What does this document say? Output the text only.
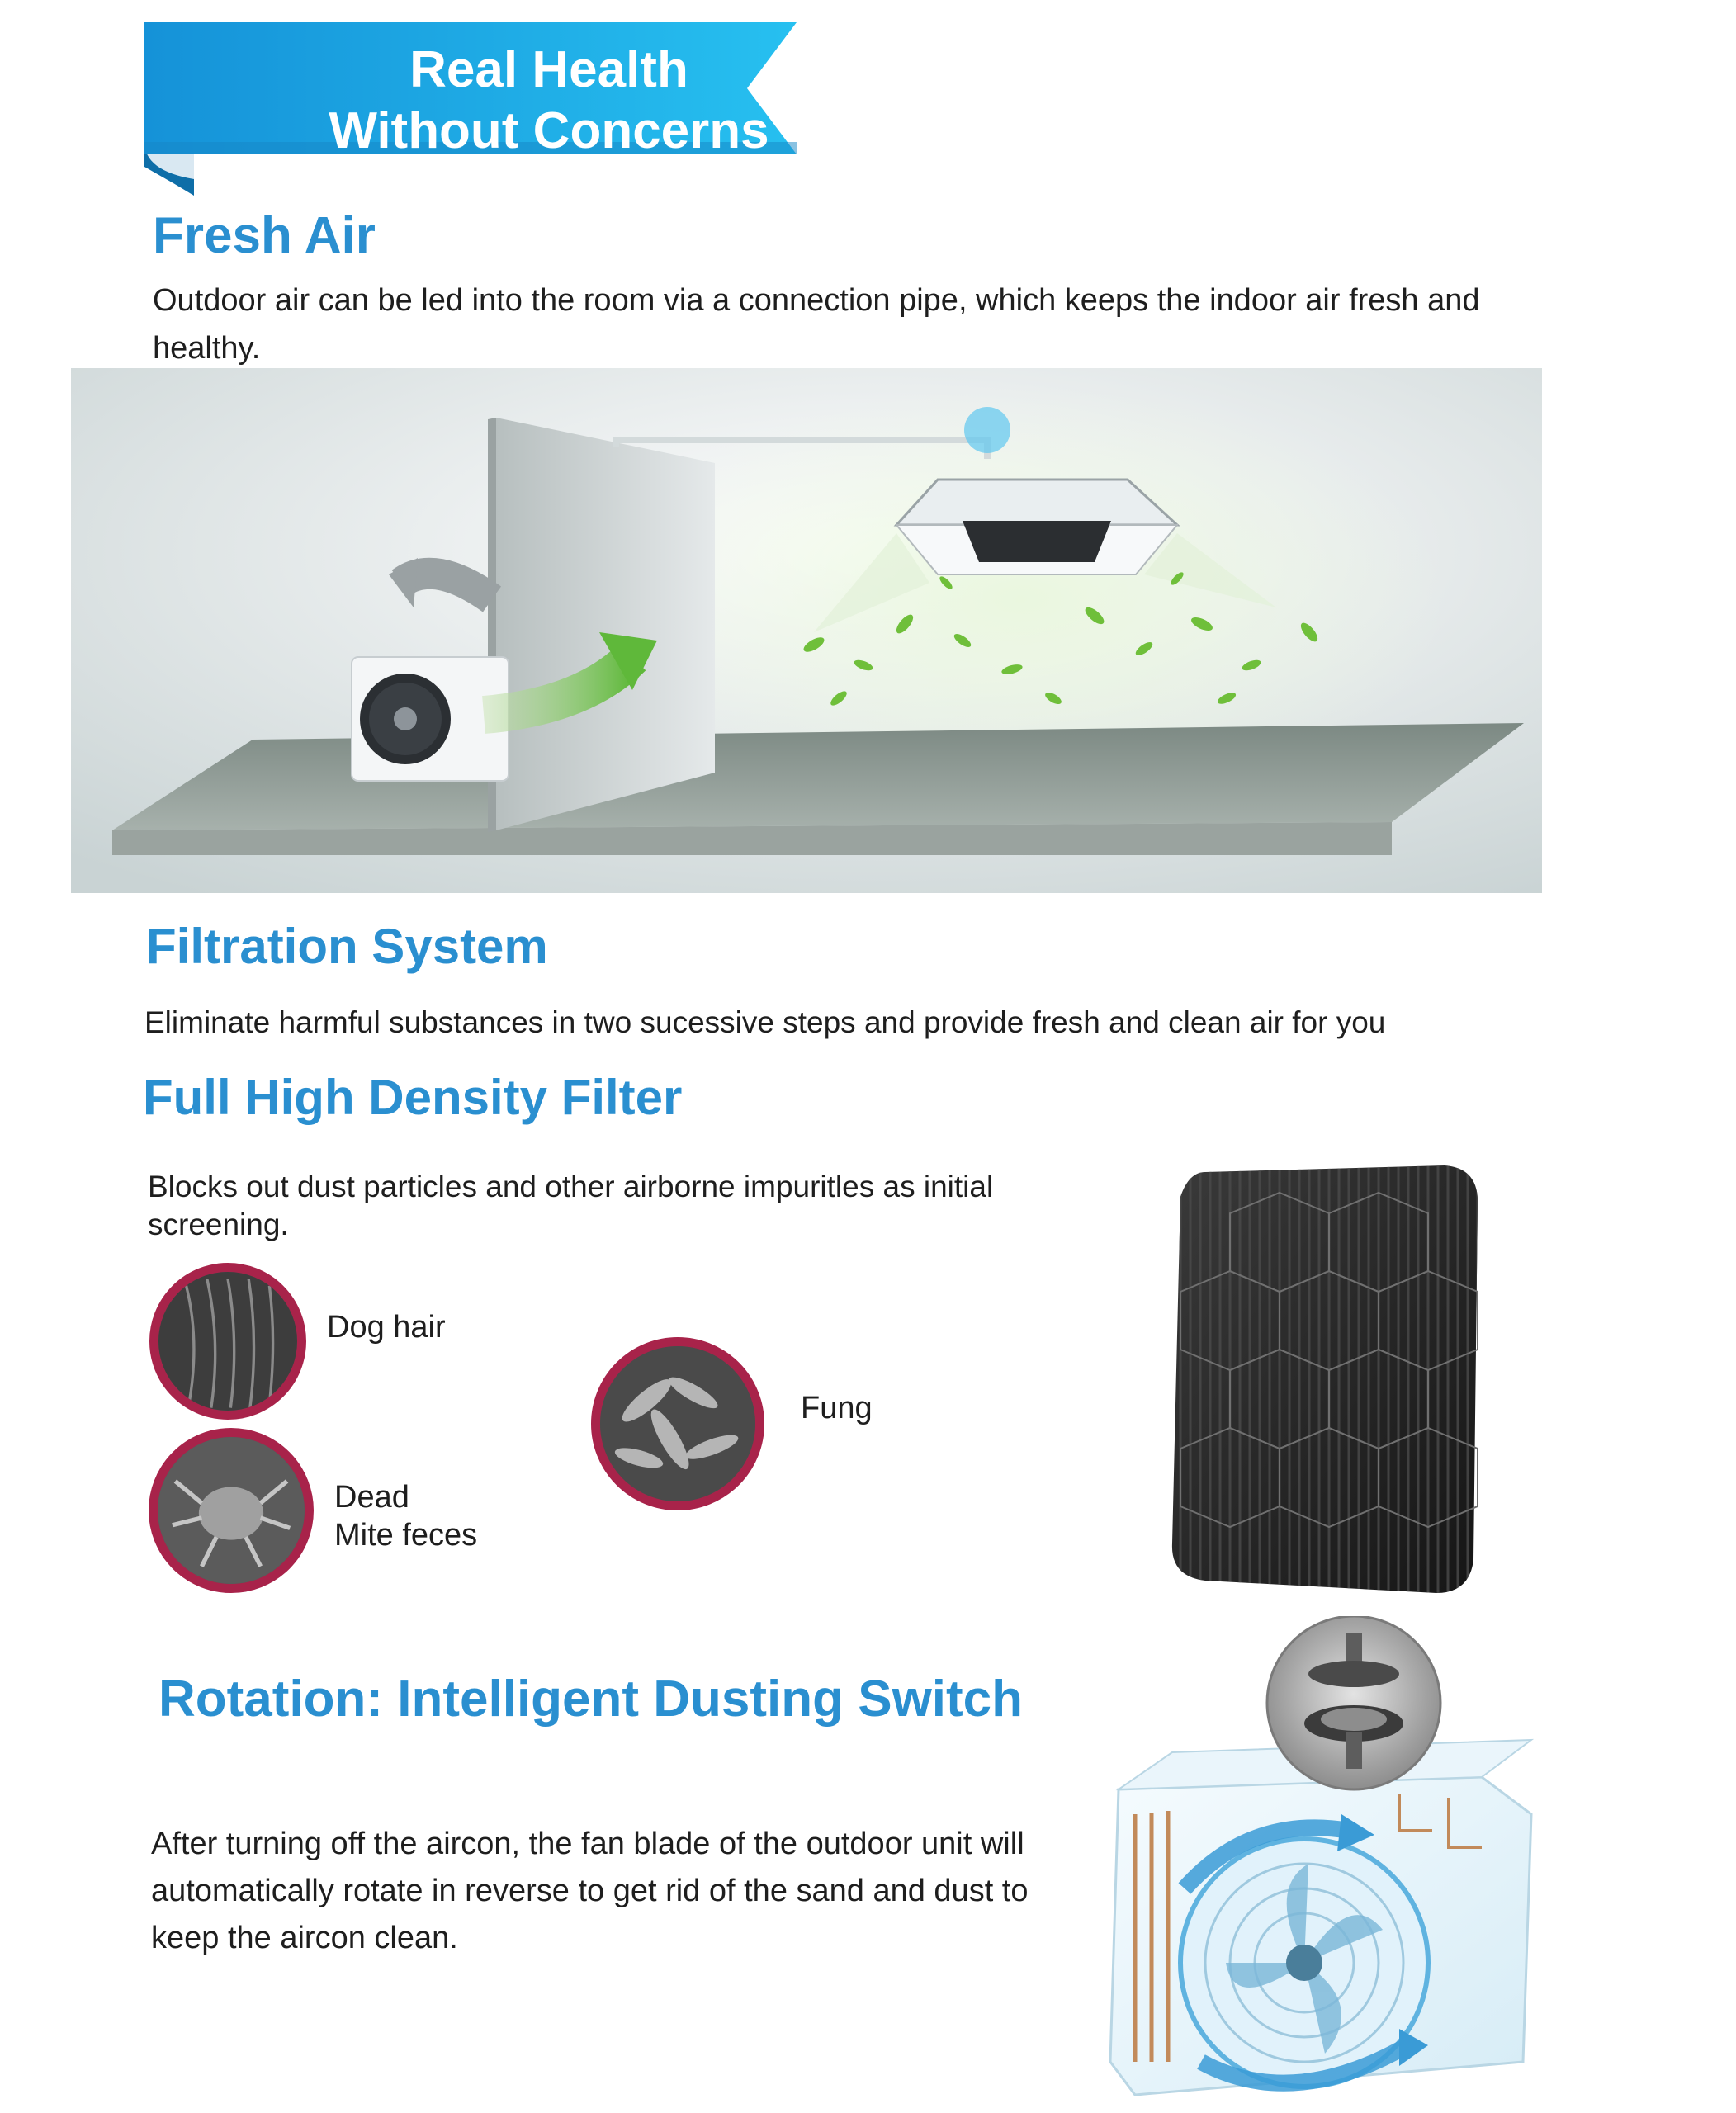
Real Health
Without Concerns
Fresh Air
Outdoor air can be led into the room via a connection pipe, which keeps the indoor air fresh and healthy.
Filtration System
Eliminate harmful substances in two sucessive steps and provide fresh and clean air for you
Full High Density Filter
Blocks out dust particles and other airborne impuritles as initial screening.
Dog hair
Fung
Dead
Mite feces
Rotation: Intelligent Dusting Switch
After turning off the aircon, the fan blade of the outdoor unit will automatically rotate in reverse to get rid of the sand and dust to keep the aircon clean.
